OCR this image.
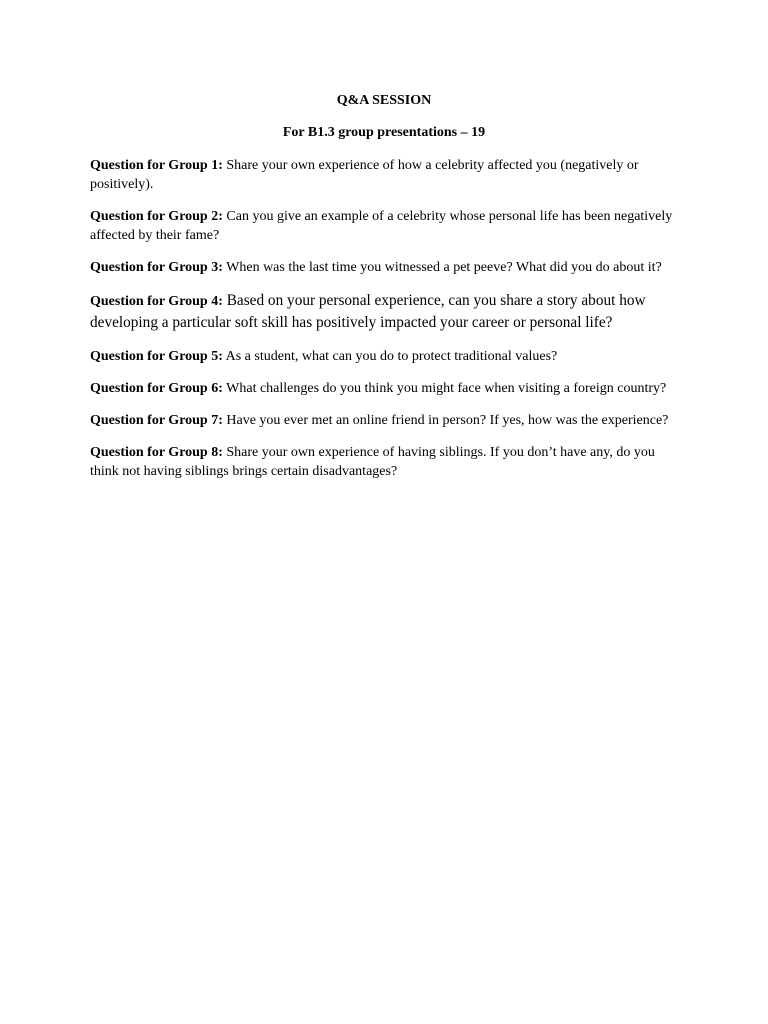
Q&A SESSION
For B1.3 group presentations – 19
Question for Group 1: Share your own experience of how a celebrity affected you (negatively or positively).
Question for Group 2: Can you give an example of a celebrity whose personal life has been negatively affected by their fame?
Question for Group 3: When was the last time you witnessed a pet peeve? What did you do about it?
Question for Group 4: Based on your personal experience, can you share a story about how developing a particular soft skill has positively impacted your career or personal life?
Question for Group 5: As a student, what can you do to protect traditional values?
Question for Group 6: What challenges do you think you might face when visiting a foreign country?
Question for Group 7: Have you ever met an online friend in person? If yes, how was the experience?
Question for Group 8: Share your own experience of having siblings. If you don’t have any, do you think not having siblings brings certain disadvantages?
